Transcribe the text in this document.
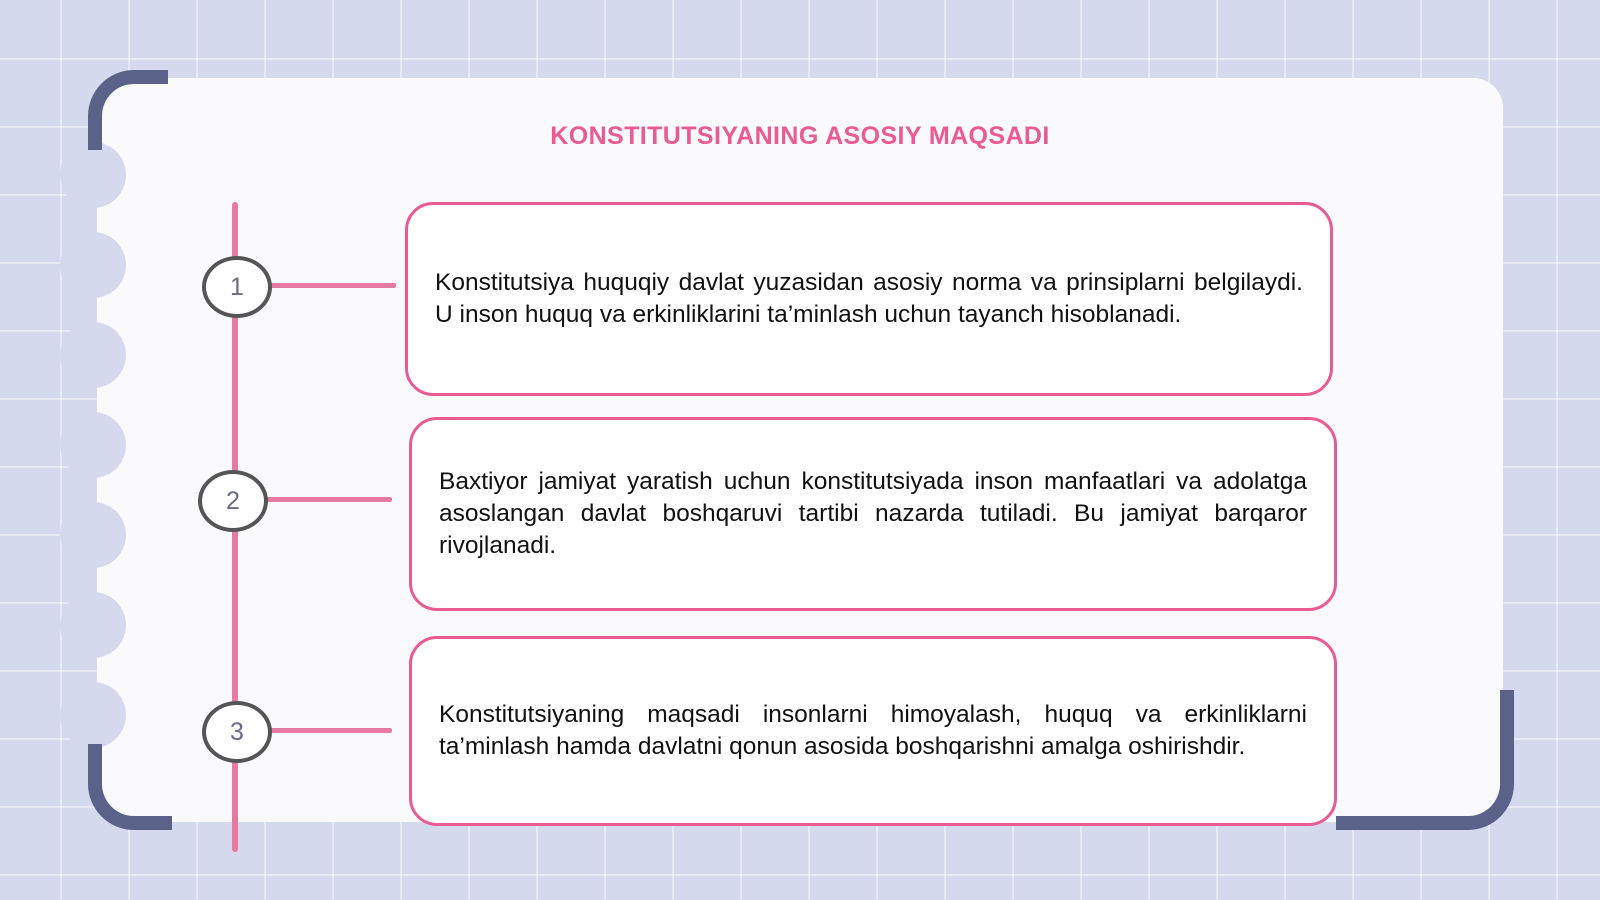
KONSTITUTSIYANING ASOSIY MAQSADI
1
2
3

Konstitutsiya huquqiy davlat yuzasidan asosiy norma va prinsiplarni belgilaydi. U inson huquq va erkinliklarini ta’minlash uchun tayanch hisoblanadi.

Baxtiyor jamiyat yaratish uchun konstitutsiyada inson manfaatlari va adolatga asoslangan davlat boshqaruvi tartibi nazarda tutiladi. Bu jamiyat barqaror rivojlanadi.

Konstitutsiyaning maqsadi insonlarni himoyalash, huquq va erkinliklarni ta’minlash hamda davlatni qonun asosida boshqarishni amalga oshirishdir.
